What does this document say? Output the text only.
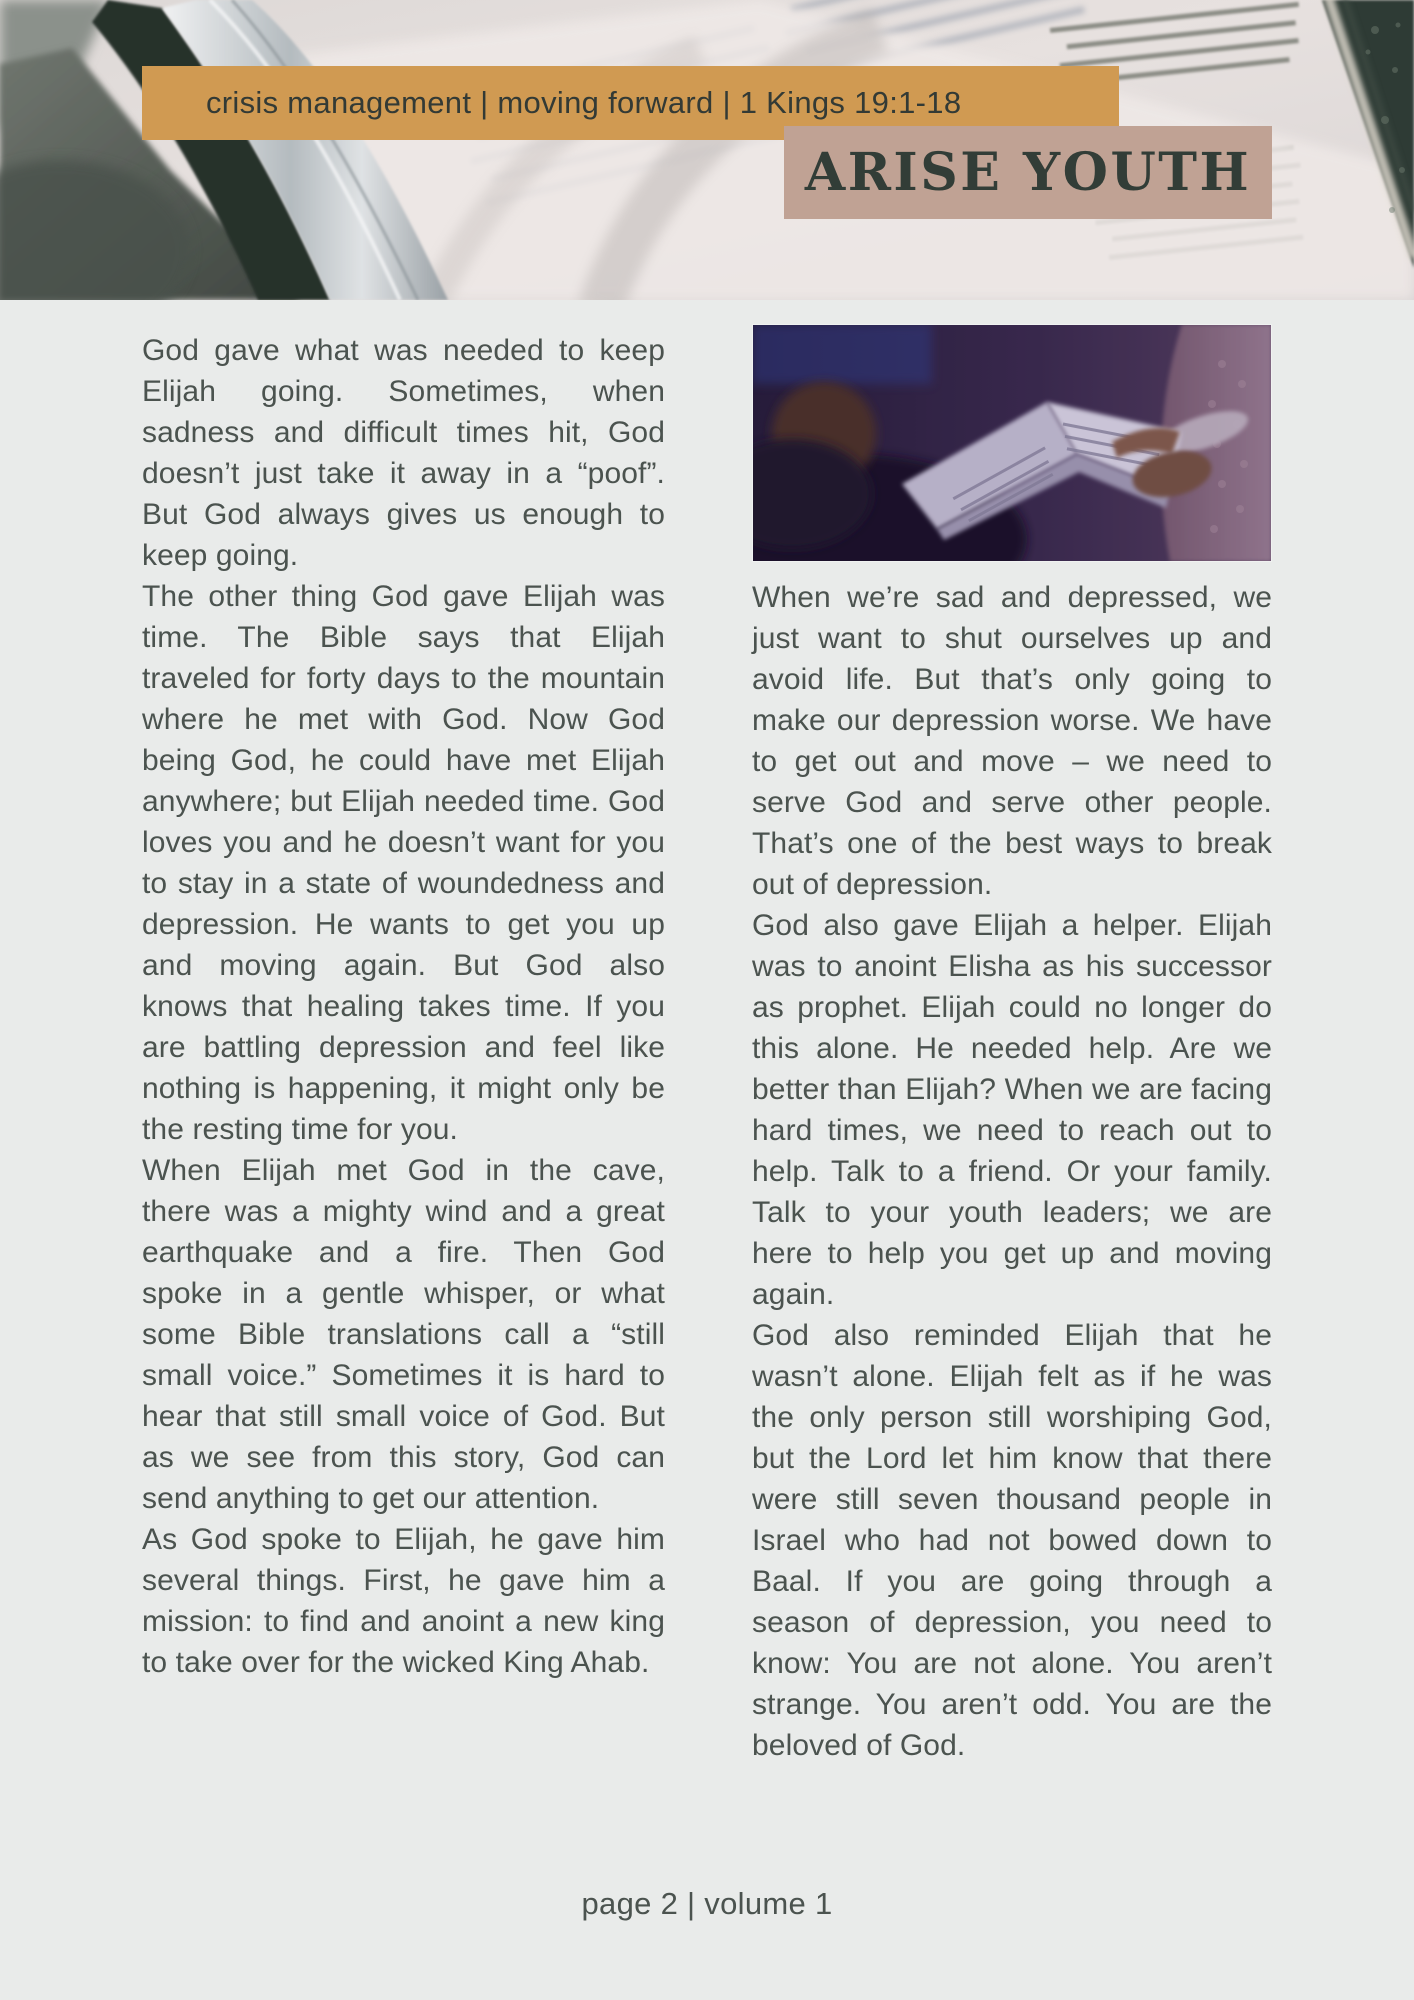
crisis management | moving forward | 1 Kings 19:1-18
ARISE YOUTH

God gave what was needed to keep Elijah going. Sometimes, when sadness and difficult times hit, God doesn’t just take it away in a “poof”. But God always gives us enough to keep going.

The other thing God gave Elijah was time. The Bible says that Elijah traveled for forty days to the mountain where he met with God. Now God being God, he could have met Elijah anywhere; but Elijah needed time. God loves you and he doesn’t want for you to stay in a state of woundedness and depression. He wants to get you up and moving again. But God also knows that healing takes time. If you are battling depression and feel like nothing is happening, it might only be the resting time for you.

When Elijah met God in the cave, there was a mighty wind and a great earthquake and a fire. Then God spoke in a gentle whisper, or what some Bible translations call a “still small voice.” Sometimes it is hard to hear that still small voice of God. But as we see from this story, God can send anything to get our attention.

As God spoke to Elijah, he gave him several things. First, he gave him a mission: to find and anoint a new king to take over for the wicked King Ahab.

When we’re sad and depressed, we just want to shut ourselves up and avoid life. But that’s only going to make our depression worse. We have to get out and move – we need to serve God and serve other people. That’s one of the best ways to break out of depression.

God also gave Elijah a helper. Elijah was to anoint Elisha as his successor as prophet. Elijah could no longer do this alone. He needed help. Are we better than Elijah? When we are facing hard times, we need to reach out to help. Talk to a friend. Or your family. Talk to your youth leaders; we are here to help you get up and moving again.

God also reminded Elijah that he wasn’t alone. Elijah felt as if he was the only person still worshiping God, but the Lord let him know that there were still seven thousand people in Israel who had not bowed down to Baal. If you are going through a season of depression, you need to know: You are not alone. You aren’t strange. You aren’t odd. You are the beloved of God.

page 2 | volume 1
